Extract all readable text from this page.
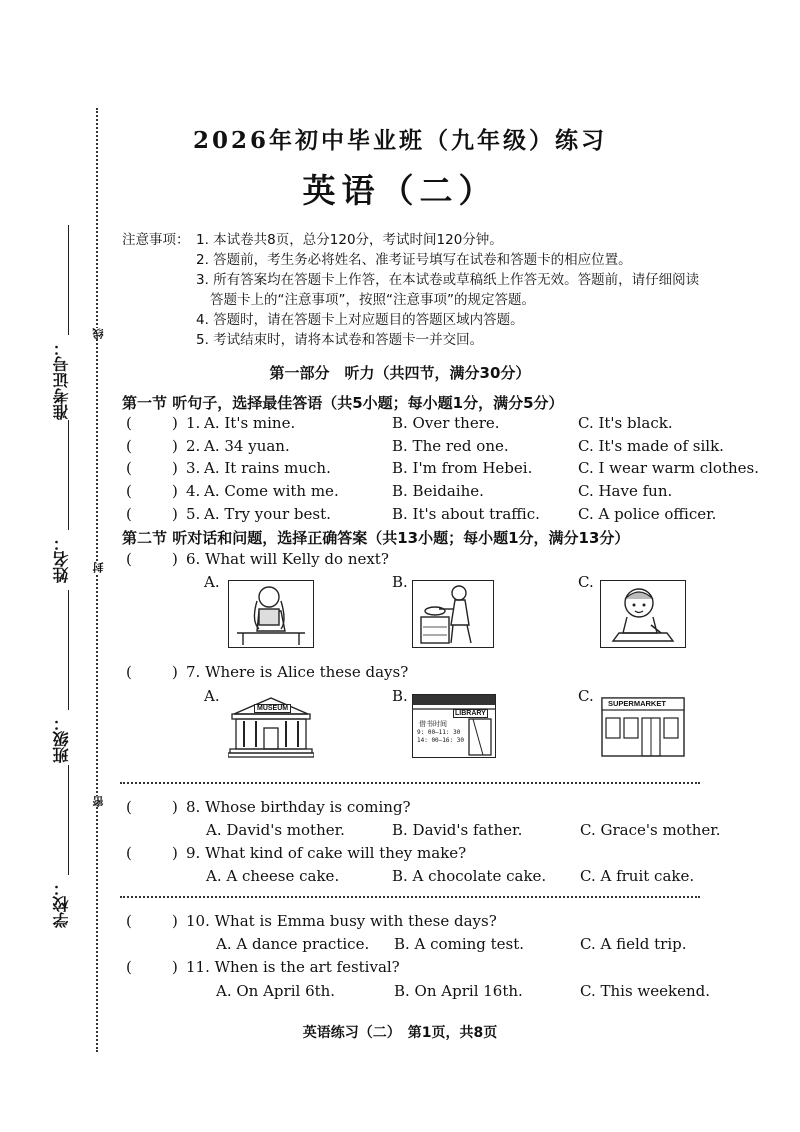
准考证号：
姓名：
班级：
学校：
线
封
密
2026年初中毕业班（九年级）练习
英语（二）
注意事项： 1. 本试卷共8页，总分120分，考试时间120分钟。
2. 答题前，考生务必将姓名、准考证号填写在试卷和答题卡的相应位置。
3. 所有答案均在答题卡上作答，在本试卷或草稿纸上作答无效。答题前，请仔细阅读
答题卡上的“注意事项”，按照“注意事项”的规定答题。
4. 答题时，请在答题卡上对应题目的答题区域内答题。
5. 考试结束时，请将本试卷和答题卡一并交回。
第一部分　听力（共四节，满分30分）
第一节 听句子，选择最佳答语（共5小题；每小题1分，满分5分）
(	) 1. A. It's mine.	B. Over there.	C. It's black.
(	) 2. A. 34 yuan.	B. The red one.	C. It's made of silk.
(	) 3. A. It rains much.	B. I'm from Hebei.	C. I wear warm clothes.
(	) 4. A. Come with me.	B. Beidaihe.	C. Have fun.
(	) 5. A. Try your best.	B. It's about traffic.	C. A police officer.
第二节 听对话和问题，选择正确答案（共13小题；每小题1分，满分13分）
(	) 6. What will Kelly do next?
A.	B.	C.
(	) 7. Where is Alice these days?
A.	B.	C.
MUSEUM
LIBRARY
借书时间
9: 00—11: 30
14: 00—16: 30
SUPERMARKET
(	) 8. Whose birthday is coming?
A. David's mother.	B. David's father.	C. Grace's mother.
(	) 9. What kind of cake will they make?
A. A cheese cake.	B. A chocolate cake. C. A fruit cake.
(	) 10. What is Emma busy with these days?
A. A dance practice. B. A coming test.	C. A field trip.
(	) 11. When is the art festival?
A. On April 6th.	B. On April 16th.	C. This weekend.
英语练习（二）　第1页，共8页
